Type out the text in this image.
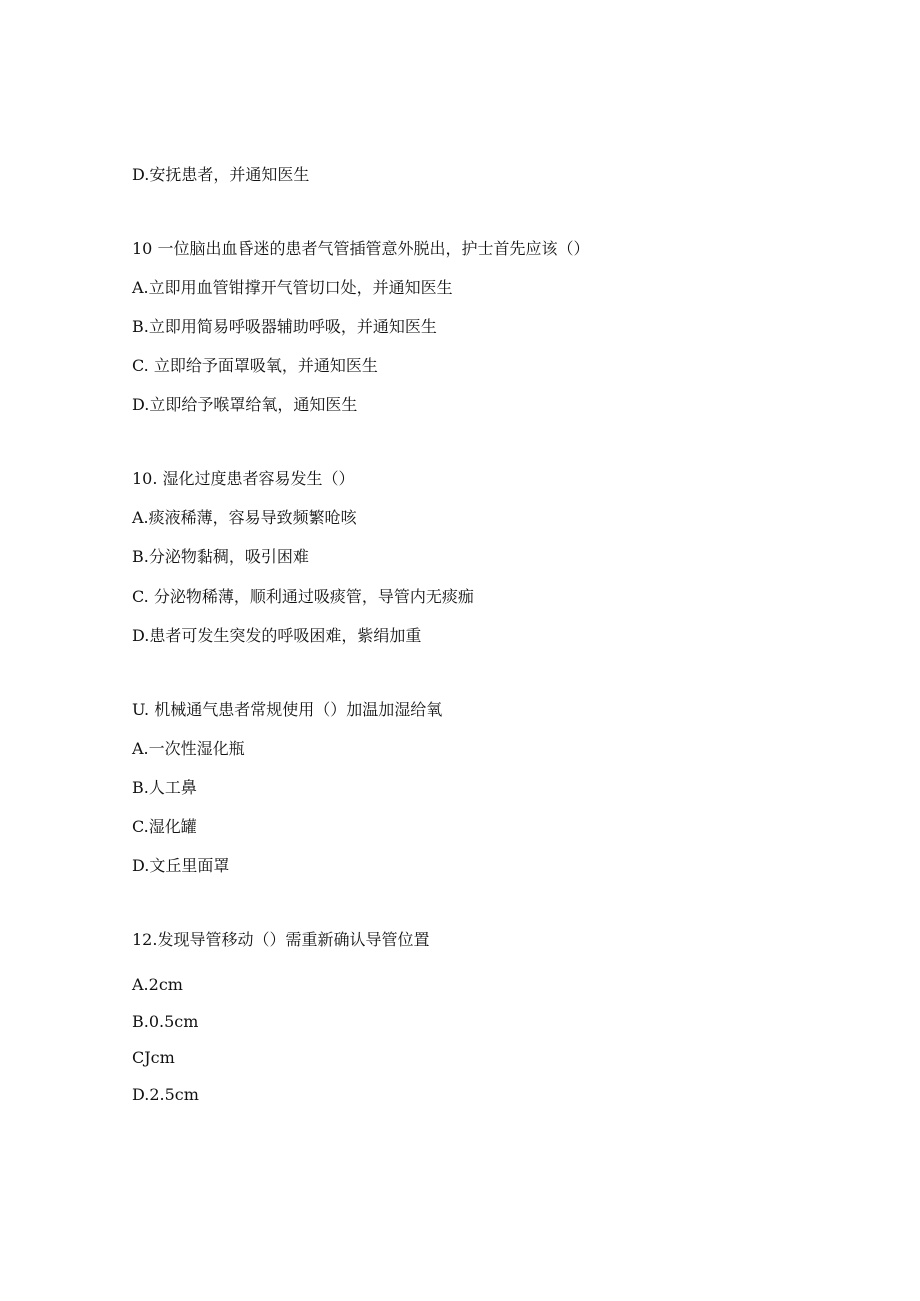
D.安抚患者，并通知医生
10 一位脑出血昏迷的患者气管插管意外脱出，护士首先应该（）
A.立即用血管钳撑开气管切口处，并通知医生
B.立即用简易呼吸器辅助呼吸，并通知医生
C. 立即给予面罩吸氧，并通知医生
D.立即给予喉罩给氧，通知医生
10. 湿化过度患者容易发生（）
A.痰液稀薄，容易导致频繁呛咳
B.分泌物黏稠，吸引困难
C. 分泌物稀薄，顺利通过吸痰管，导管内无痰痂
D.患者可发生突发的呼吸困难，紫绢加重
U. 机械通气患者常规使用（）加温加湿给氧
A.一次性湿化瓶
B.人工鼻
C.湿化罐
D.文丘里面罩
12.发现导管移动（）需重新确认导管位置
A.2cm
B.0.5cm
CJcm
D.2.5cm
